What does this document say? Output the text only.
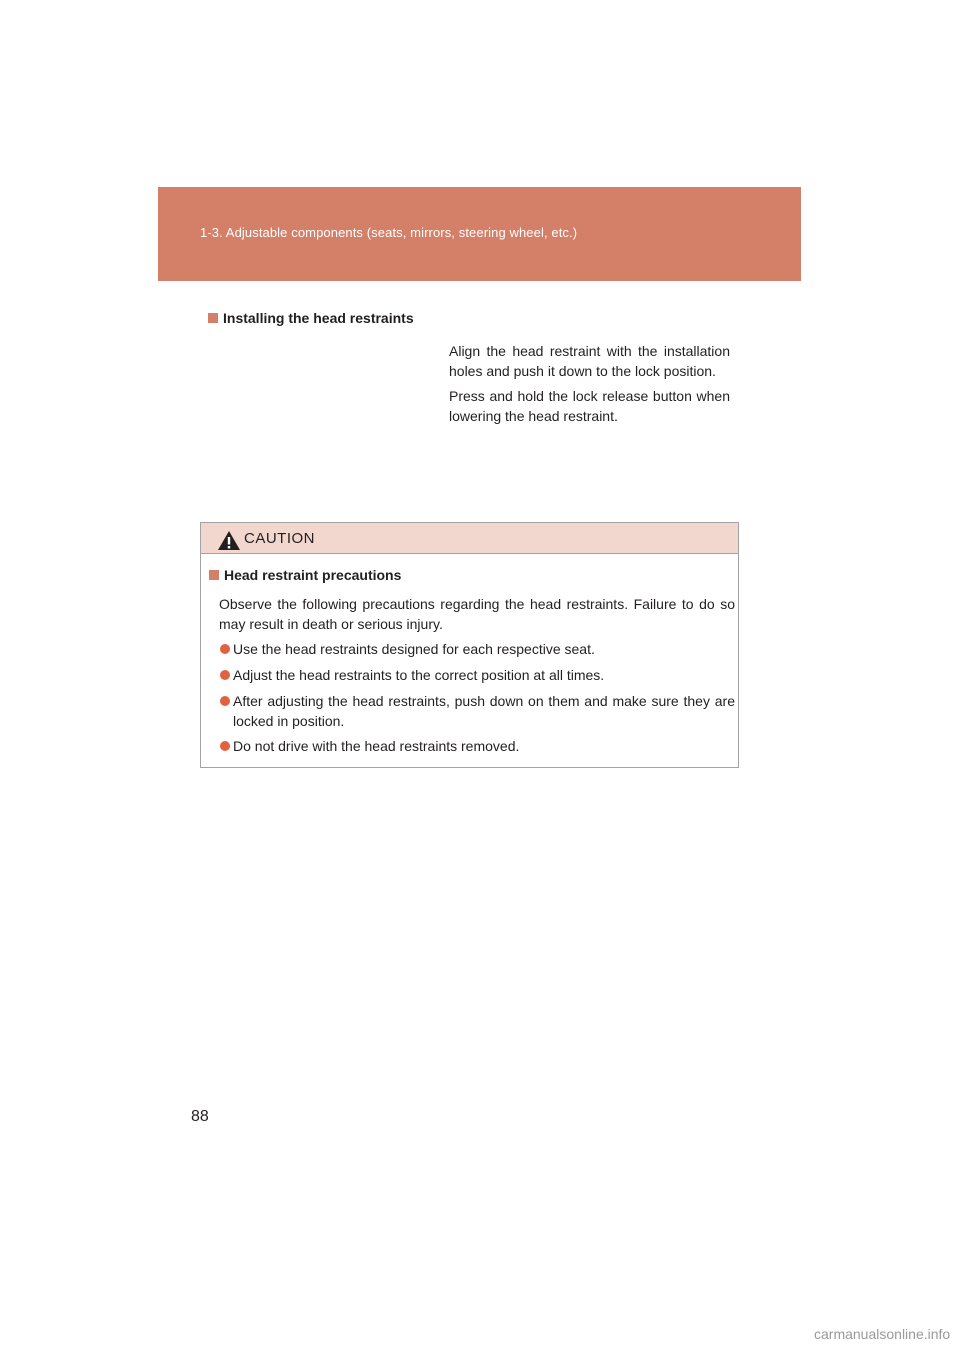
1-3. Adjustable components (seats, mirrors, steering wheel, etc.)
Installing the head restraints
Align the head restraint with the installation holes and push it down to the lock position.
Press and hold the lock release button when lowering the head restraint.
CAUTION
Head restraint precautions
Observe the following precautions regarding the head restraints. Failure to do so may result in death or serious injury.
Use the head restraints designed for each respective seat.
Adjust the head restraints to the correct position at all times.
After adjusting the head restraints, push down on them and make sure they are locked in position.
Do not drive with the head restraints removed.
88
carmanualsonline.info
